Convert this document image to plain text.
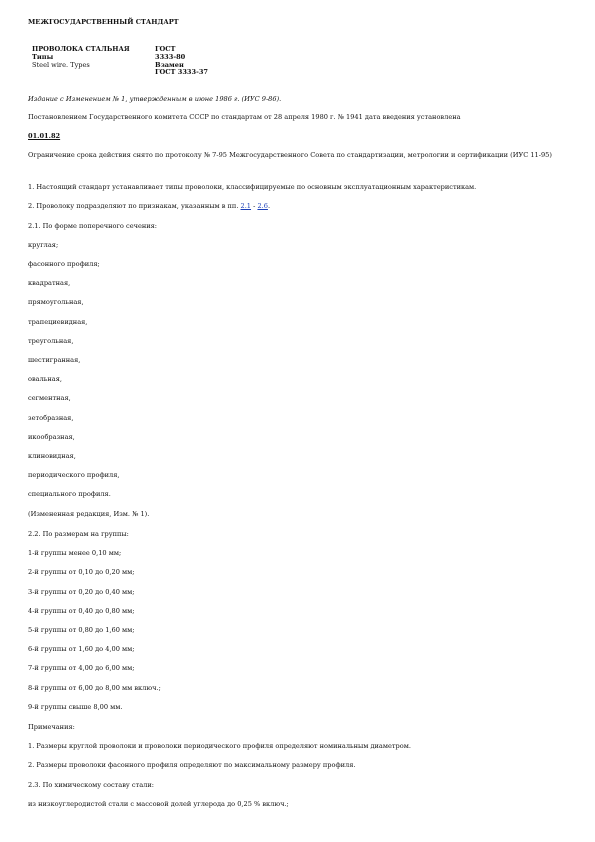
МЕЖГОСУДАРСТВЕННЫЙ СТАНДАРТ
ПРОВОЛОКА СТАЛЬНАЯ
Типы
Steel wire. Types
ГОСТ
3333-80
Взамен
ГОСТ 3333-37
Издание с Изменением № 1, утвержденным в июне 1986 г. (ИУС 9-86).
Постановлением Государственного комитета СССР по стандартам от 28 апреля 1980 г. № 1941 дата введения установлена
01.01.82
Ограничение срока действия снято по протоколу № 7-95 Межгосударственного Совета по стандартизации, метрологии и сертификации (ИУС 11-95)
1. Настоящий стандарт устанавливает типы проволоки, классифицируемые по основным эксплуатационным характеристикам.
2. Проволоку подразделяют по признакам, указанным в пп. 2.1 - 2.6.
2.1. По форме поперечного сечения:
круглая;
фасонного профиля;
квадратная,
прямоугольная,
трапециевидная,
треугольная,
шестигранная,
овальная,
сегментная,
зетобразная,
икообразная,
клиновидная,
периодического профиля,
специального профиля.
(Измененная редакция, Изм. № 1).
2.2. По размерам на группы:
1-й группы менее 0,10 мм;
2-й группы от 0,10 до 0,20 мм;
3-й группы от 0,20 до 0,40 мм;
4-й группы от 0,40 до 0,80 мм;
5-й группы от 0,80 до 1,60 мм;
6-й группы от 1,60 до 4,00 мм;
7-й группы от 4,00 до 6,00 мм;
8-й группы от 6,00 до 8,00 мм включ.;
9-й группы свыше 8,00 мм.
Примечания:
1. Размеры круглой проволоки и проволоки периодического профиля определяют номинальным диаметром.
2. Размеры проволоки фасонного профиля определяют по максимальному размеру профиля.
2.3. По химическому составу стали:
из низкоуглеродистой стали с массовой долей углерода до 0,25 % включ.;
